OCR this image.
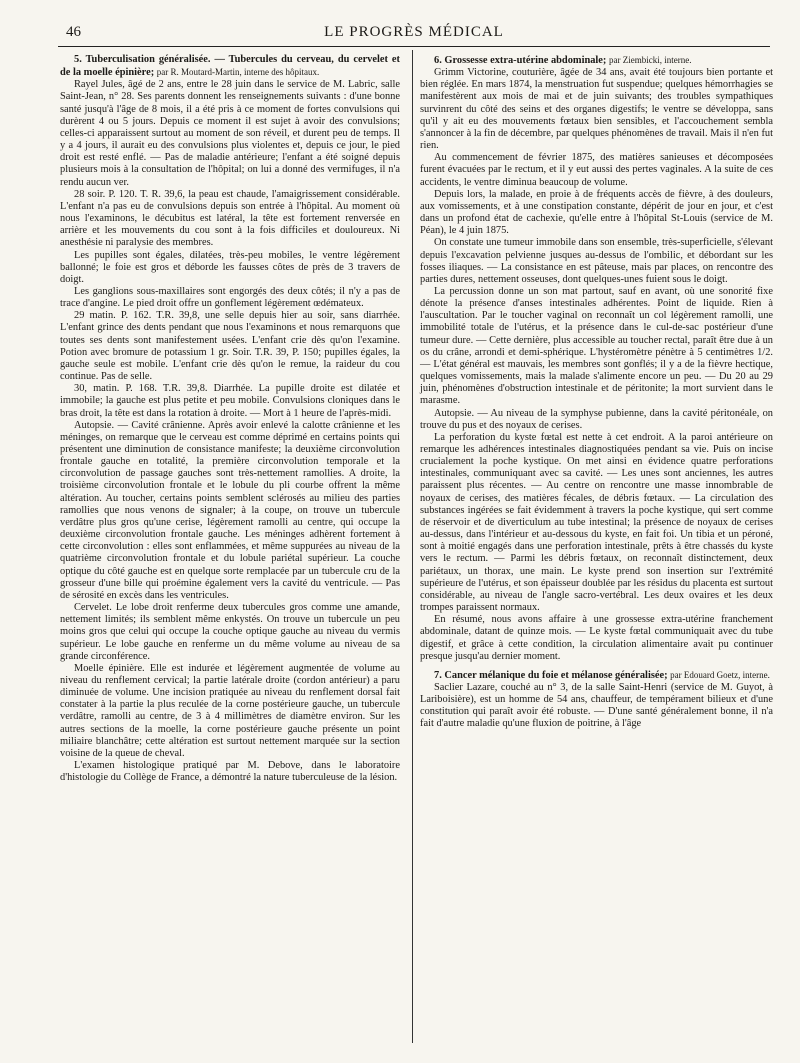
46	LE PROGRÈS MÉDICAL

5. Tuberculisation généralisée. — Tubercules du cerveau, du cervelet et de la moelle épinière; par R. Moutard-Martin, interne des hôpitaux.

Rayel Jules, âgé de 2 ans, entre le 28 juin dans le service de M. Labric, salle Saint-Jean, n° 28. Ses parents donnent les renseignements suivants : d'une bonne santé jusqu'à l'âge de 8 mois, il a été pris à ce moment de fortes convulsions qui durèrent 4 ou 5 jours. Depuis ce moment il est sujet à avoir des convulsions; celles-ci apparaissent surtout au moment de son réveil, et durent peu de temps. Il y a 4 jours, il aurait eu des convulsions plus violentes et, depuis ce jour, le pied droit est resté enflé. — Pas de maladie antérieure; l'enfant a été soigné depuis plusieurs mois à la consultation de l'hôpital; on lui a donné des vermifuges, il n'a rendu aucun ver.

28 soir. P. 120. T. R. 39,6, la peau est chaude, l'amaigrissement considérable. L'enfant n'a pas eu de convulsions depuis son entrée à l'hôpital. Au moment où nous l'examinons, le décubitus est latéral, la tête est fortement renversée en arrière et les mouvements du cou sont à la fois difficiles et douloureux. Ni anesthésie ni paralysie des membres.

Les pupilles sont égales, dilatées, très-peu mobiles, le ventre légèrement ballonné; le foie est gros et déborde les fausses côtes de près de 3 travers de doigt.

Les ganglions sous-maxillaires sont engorgés des deux côtés; il n'y a pas de trace d'angine. Le pied droit offre un gonflement légèrement œdémateux.

29 matin. P. 162. T.R. 39,8, une selle depuis hier au soir, sans diarrhée. L'enfant grince des dents pendant que nous l'examinons et nous remarquons que toutes ses dents sont manifestement usées. L'enfant crie dès qu'on l'examine. Potion avec bromure de potassium 1 gr. Soir. T.R. 39, P. 150; pupilles égales, la gauche seule est mobile. L'enfant crie dès qu'on le remue, la raideur du cou continue. Pas de selle.

30, matin. P. 168. T.R. 39,8. Diarrhée. La pupille droite est dilatée et immobile; la gauche est plus petite et peu mobile. Convulsions cloniques dans le bras droit, la tête est dans la rotation à droite. — Mort à 1 heure de l'après-midi.

Autopsie. — Cavité crânienne. Après avoir enlevé la calotte crânienne et les méninges, on remarque que le cerveau est comme déprimé en certains points qui présentent une diminution de consistance manifeste; la deuxième circonvolution frontale gauche en totalité, la première circonvolution temporale et la circonvolution de passage gauches sont très-nettement ramollies. A droite, la troisième circonvolution frontale et le lobule du pli courbe offrent la même altération. Au toucher, certains points semblent sclérosés au milieu des parties ramollies que nous venons de signaler; à la coupe, on trouve un tubercule verdâtre plus gros qu'une cerise, légèrement ramolli au centre, qui occupe la deuxième circonvolution frontale gauche. Les méninges adhèrent fortement à cette circonvolution : elles sont enflammées, et même suppurées au niveau de la quatrième circonvolution frontale et du lobule pariétal supérieur. La couche optique du côté gauche est en quelque sorte remplacée par un tubercule cru de la grosseur d'une bille qui proémine également vers la cavité du ventricule. — Pas de sérosité en excès dans les ventricules.

Cervelet. Le lobe droit renferme deux tubercules gros comme une amande, nettement limités; ils semblent même enkystés. On trouve un tubercule un peu moins gros que celui qui occupe la couche optique gauche au niveau du vermis supérieur. Le lobe gauche en renferme un du même volume au niveau de sa grande circonférence.

Moelle épinière. Elle est indurée et légèrement augmentée de volume au niveau du renflement cervical; la partie latérale droite (cordon antérieur) a paru diminuée de volume. Une incision pratiquée au niveau du renflement dorsal fait constater à la partie la plus reculée de la corne postérieure gauche, un tubercule verdâtre, ramolli au centre, de 3 à 4 millimètres de diamètre environ. Sur les autres sections de la moelle, la corne postérieure gauche présente un point miliaire blanchâtre; cette altération est surtout nettement marquée sur la section voisine de la queue de cheval.

L'examen histologique pratiqué par M. Debove, dans le laboratoire d'histologie du Collège de France, a démontré la nature tuberculeuse de la lésion.

6. Grossesse extra-utérine abdominale; par Ziembicki, interne.

Grimm Victorine, couturière, âgée de 34 ans, avait été toujours bien portante et bien réglée. En mars 1874, la menstruation fut suspendue; quelques hémorrhagies se manifestèrent aux mois de mai et de juin suivants; des troubles sympathiques survinrent du côté des seins et des organes digestifs; le ventre se développa, sans qu'il y ait eu des mouvements fœtaux bien sensibles, et l'accouchement sembla s'annoncer à la fin de décembre, par quelques phénomènes de travail. Mais il n'en fut rien.

Au commencement de février 1875, des matières sanieuses et décomposées furent évacuées par le rectum, et il y eut aussi des pertes vaginales. A la suite de ces accidents, le ventre diminua beaucoup de volume.

Depuis lors, la malade, en proie à de fréquents accès de fièvre, à des douleurs, aux vomissements, et à une constipation constante, dépérit de jour en jour, et c'est dans un profond état de cachexie, qu'elle entre à l'hôpital St-Louis (service de M. Péan), le 4 juin 1875.

On constate une tumeur immobile dans son ensemble, très-superficielle, s'élevant depuis l'excavation pelvienne jusques au-dessus de l'ombilic, et débordant sur les fosses iliaques. — La consistance en est pâteuse, mais par places, on rencontre des parties dures, nettement osseuses, dont quelques-unes fuient sous le doigt.

La percussion donne un son mat partout, sauf en avant, où une sonorité fixe dénote la présence d'anses intestinales adhérentes. Point de liquide. Rien à l'auscultation. Par le toucher vaginal on reconnaît un col légèrement ramolli, une immobilité totale de l'utérus, et la présence dans le cul-de-sac postérieur d'une tumeur dure. — Cette dernière, plus accessible au toucher rectal, paraît être due à un os du crâne, arrondi et demi-sphérique. L'hystéromètre pénètre à 5 centimètres 1/2. — L'état général est mauvais, les membres sont gonflés; il y a de la fièvre hectique, quelques vomissements, mais la malade s'alimente encore un peu. — Du 20 au 29 juin, phénomènes d'obstruction intestinale et de péritonite; la mort survient dans le marasme.

Autopsie. — Au niveau de la symphyse pubienne, dans la cavité péritonéale, on trouve du pus et des noyaux de cerises.

La perforation du kyste fœtal est nette à cet endroit. A la paroi antérieure on remarque les adhérences intestinales diagnostiquées pendant sa vie. Puis on incise crucialement la poche kystique. On met ainsi en évidence quatre perforations intestinales, communiquant avec sa cavité. — Les unes sont anciennes, les autres paraissent plus récentes. — Au centre on rencontre une masse innombrable de noyaux de cerises, des matières fécales, de débris fœtaux. — La circulation des substances ingérées se fait évidemment à travers la poche kystique, qui sert comme de réservoir et de diverticulum au tube intestinal; la présence de noyaux de cerises au-dessus, dans l'intérieur et au-dessous du kyste, en fait foi. Un tibia et un péroné, sont à moitié engagés dans une perforation intestinale, prêts à être chassés du kyste vers le rectum. — Parmi les débris fœtaux, on reconnaît distinctement, deux pariétaux, un thorax, une main. Le kyste prend son insertion sur l'extrémité supérieure de l'utérus, et son épaisseur doublée par les résidus du placenta est surtout considérable, au niveau de l'angle sacro-vertébral. Les deux ovaires et les deux trompes paraissent normaux.

En résumé, nous avons affaire à une grossesse extra-utérine franchement abdominale, datant de quinze mois. — Le kyste fœtal communiquait avec du tube digestif, et grâce à cette condition, la circulation alimentaire avait pu continuer presque jusqu'au dernier moment.

7. Cancer mélanique du foie et mélanose généralisée; par Edouard Goetz, interne.

Saclier Lazare, couché au n° 3, de la salle Saint-Henri (service de M. Guyot, à Lariboisière), est un homme de 54 ans, chauffeur, de tempérament bilieux et d'une constitution qui paraît avoir été robuste. — D'une santé généralement bonne, il n'a fait d'autre maladie qu'une fluxion de poitrine, à l'âge
